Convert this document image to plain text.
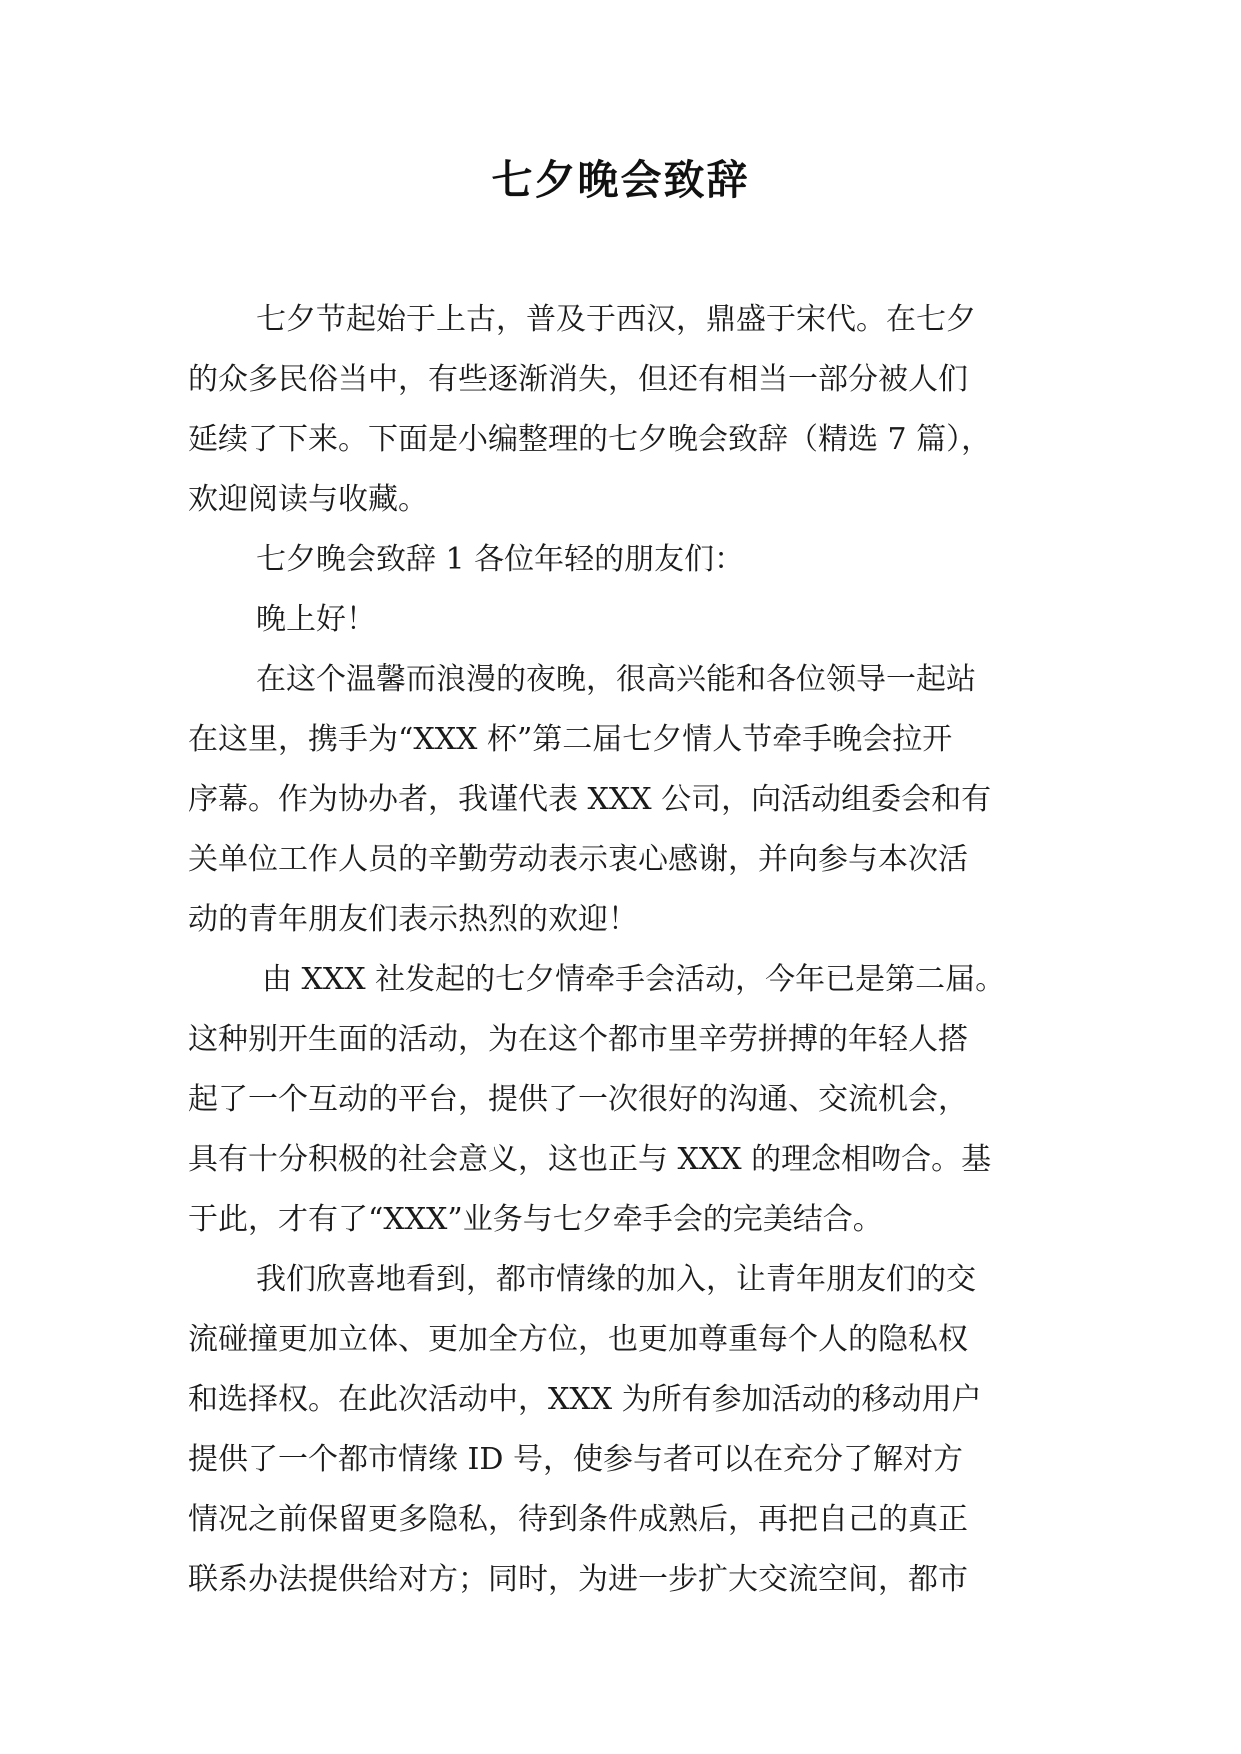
七夕晚会致辞
七夕节起始于上古，普及于西汉，鼎盛于宋代。在七夕
的众多民俗当中，有些逐渐消失，但还有相当一部分被人们
延续了下来。下面是小编整理的七夕晚会致辞（精选 7 篇），
欢迎阅读与收藏。
七夕晚会致辞 1 各位年轻的朋友们：
晚上好！
在这个温馨而浪漫的夜晚，很高兴能和各位领导一起站
在这里，携手为“XXX 杯”第二届七夕情人节牵手晚会拉开
序幕。作为协办者，我谨代表 XXX 公司，向活动组委会和有
关单位工作人员的辛勤劳动表示衷心感谢，并向参与本次活
动的青年朋友们表示热烈的欢迎！
由 XXX 社发起的七夕情牵手会活动，今年已是第二届。
这种别开生面的活动，为在这个都市里辛劳拼搏的年轻人搭
起了一个互动的平台，提供了一次很好的沟通、交流机会，
具有十分积极的社会意义，这也正与 XXX 的理念相吻合。基
于此，才有了“XXX”业务与七夕牵手会的完美结合。
我们欣喜地看到，都市情缘的加入，让青年朋友们的交
流碰撞更加立体、更加全方位，也更加尊重每个人的隐私权
和选择权。在此次活动中，XXX 为所有参加活动的移动用户
提供了一个都市情缘 ID 号，使参与者可以在充分了解对方
情况之前保留更多隐私，待到条件成熟后，再把自己的真正
联系办法提供给对方；同时，为进一步扩大交流空间，都市
